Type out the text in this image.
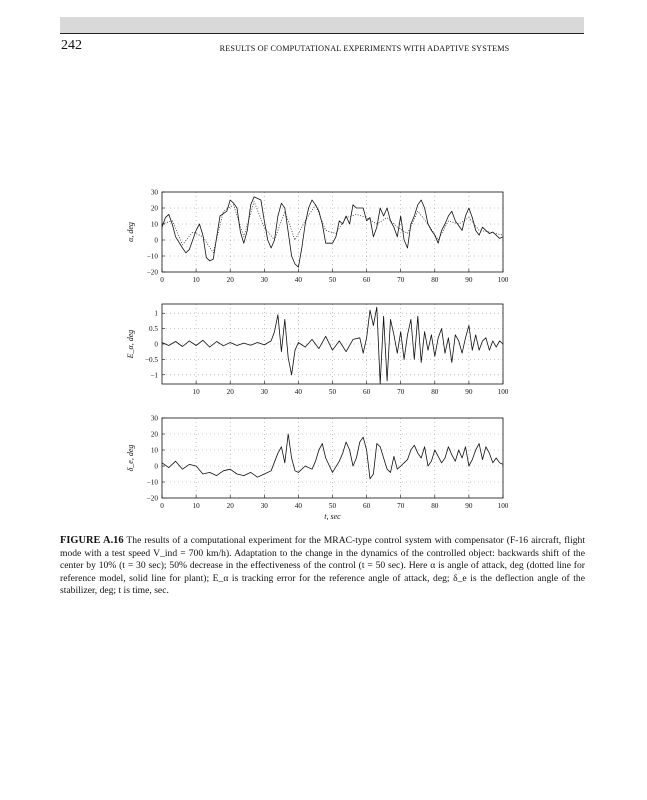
242	RESULTS OF COMPUTATIONAL EXPERIMENTS WITH ADAPTIVE SYSTEMS
0	10	20	30	40	50	60	70	80	90	100
−20
−10
0
10
20
30
α, deg
10	20	30	40	50	60	70	80	90	100
−1
−0.5
0
0.5
1
E_α, deg
0	10	20	30	40	50	60	70	80	90	100
−20
−10
0
10
20
30
δ_e, deg
t, sec
FIGURE A.16 The results of a computational experiment for the MRAC-type control system with compensator (F-16 aircraft, flight mode with a test speed V_ind = 700 km/h). Adaptation to the change in the dynamics of the controlled object: backwards shift of the center by 10% (t = 30 sec); 50% decrease in the effectiveness of the control (t = 50 sec). Here α is angle of attack, deg (dotted line for reference model, solid line for plant); E_α is tracking error for the reference angle of attack, deg; δ_e is the deflection angle of the stabilizer, deg; t is time, sec.
